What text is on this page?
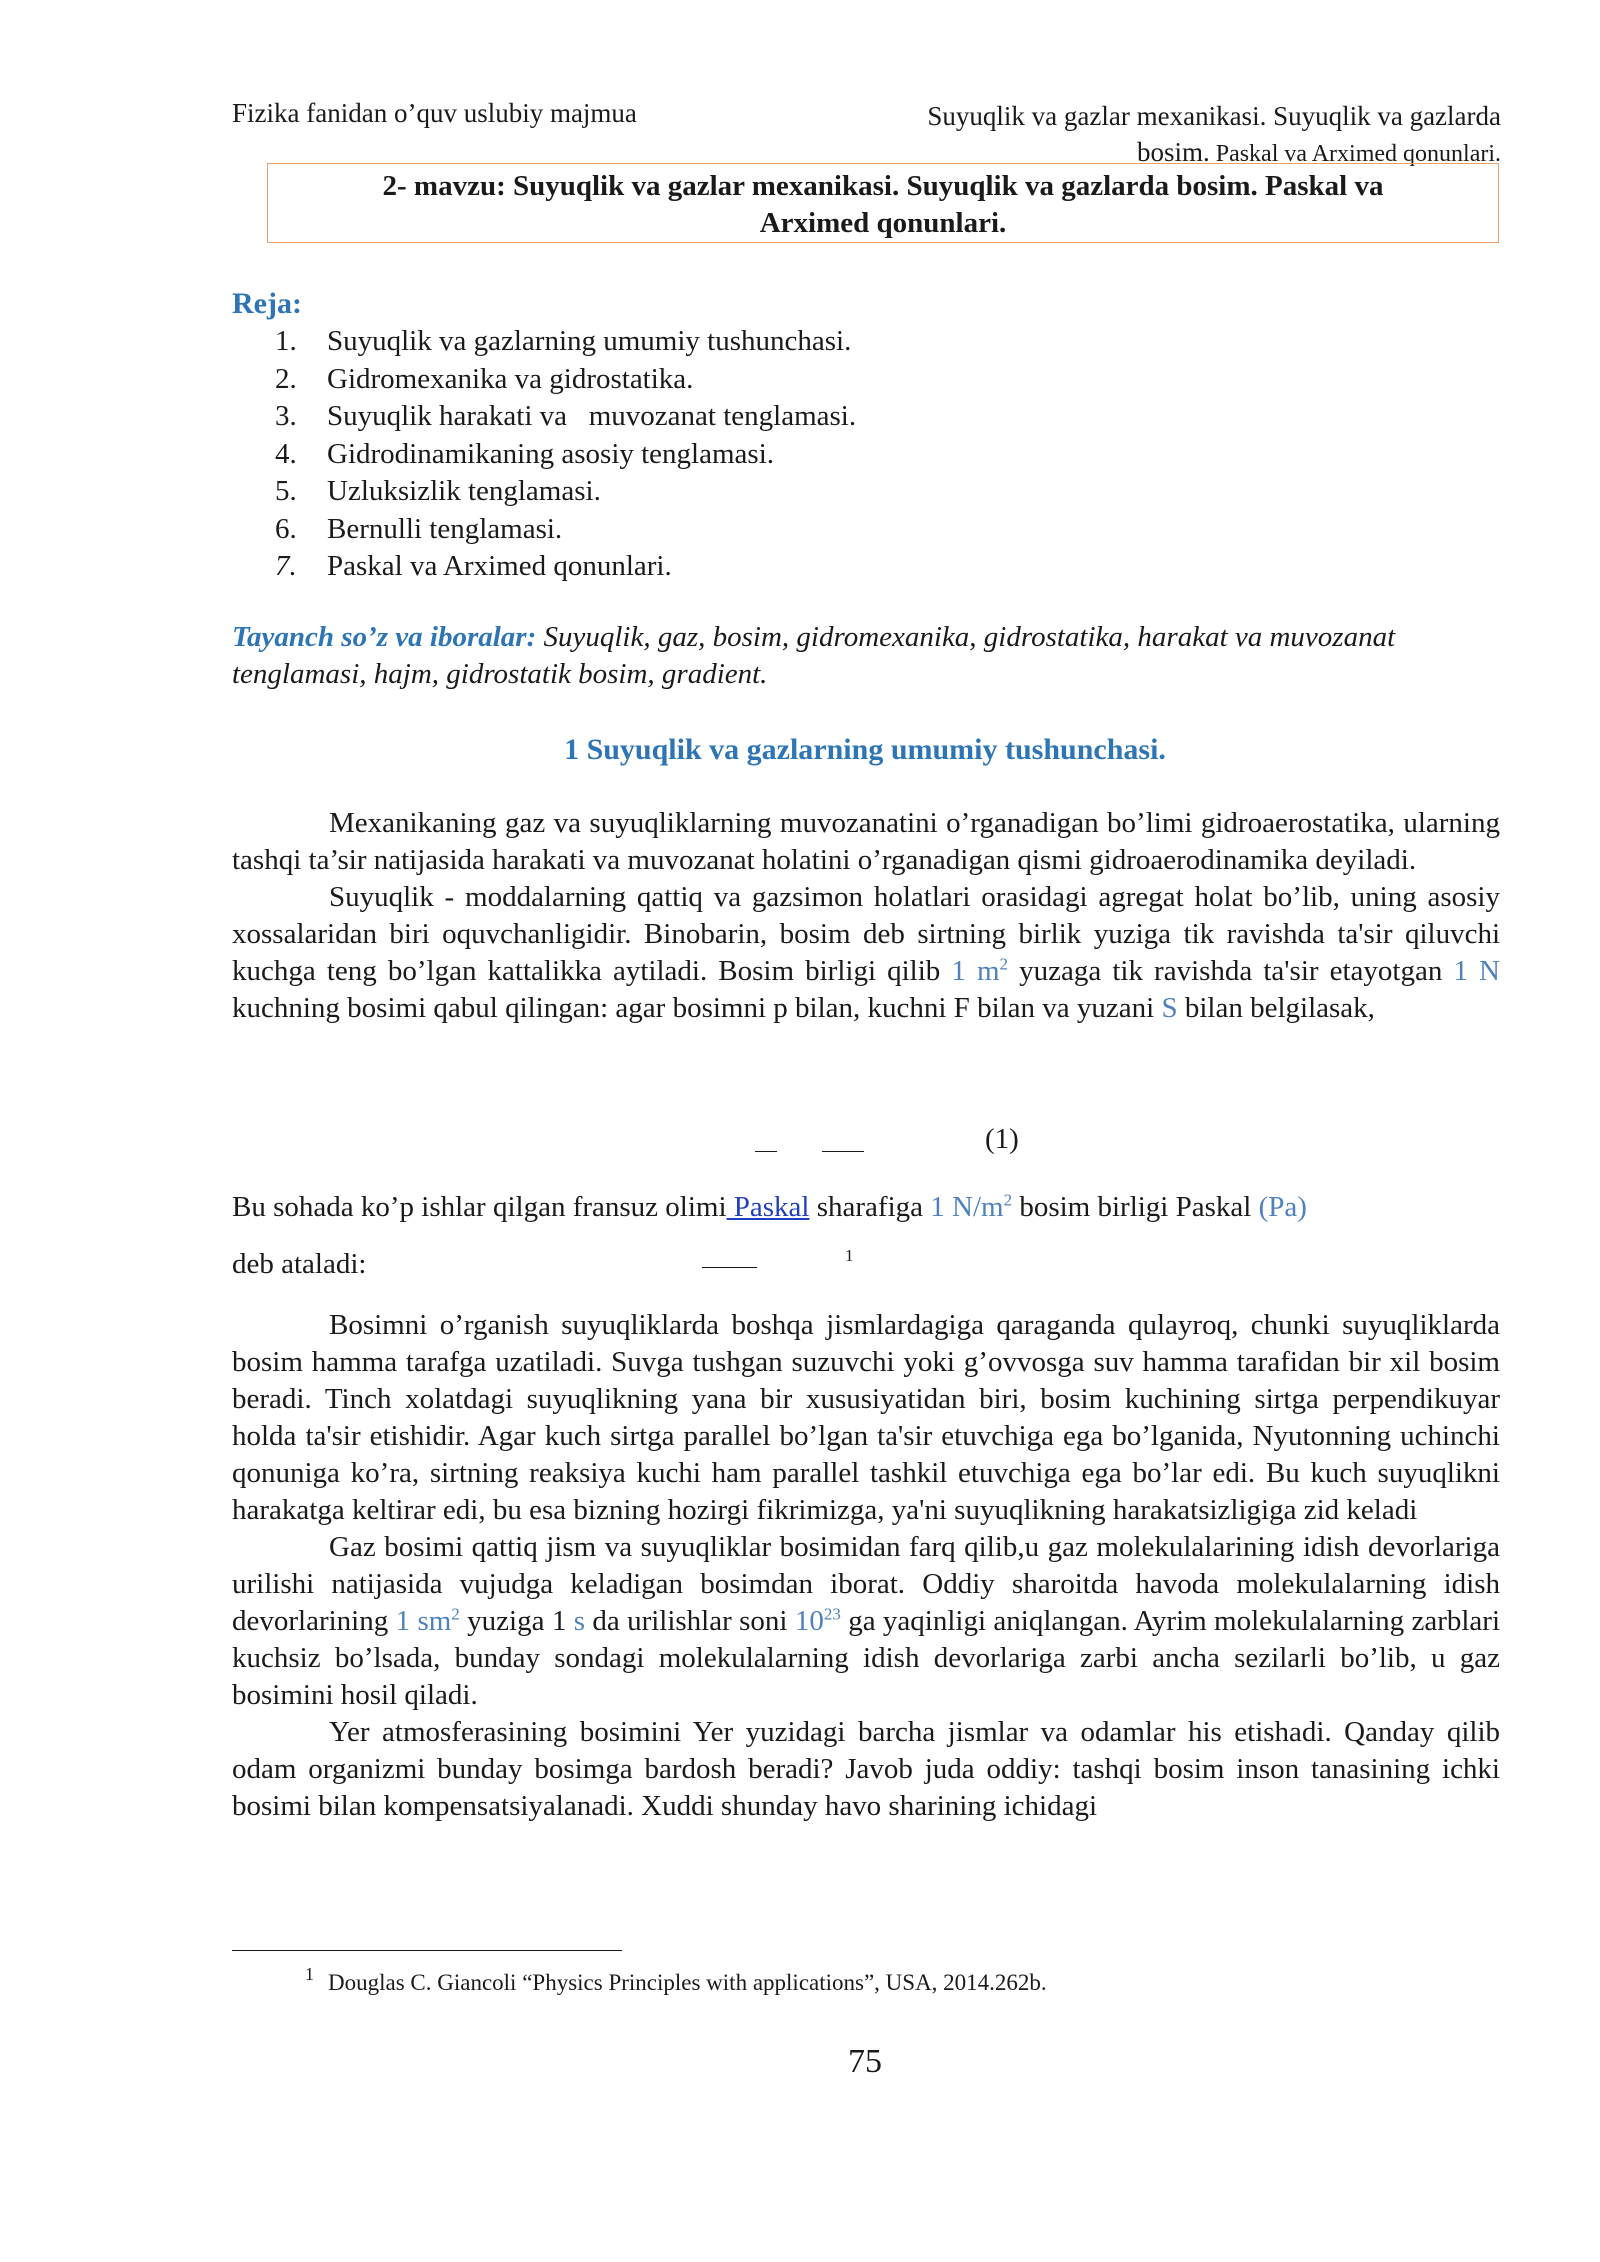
Fizika fanidan o’quv uslubiy majmua	Suyuqlik va gazlar mexanikasi. Suyuqlik va gazlarda
bosim. Paskal va Arximed qonunlari.
2- mavzu: Suyuqlik va gazlar mexanikasi. Suyuqlik va gazlarda bosim. Paskal va
Arximed qonunlari.
Reja:
1.	Suyuqlik va gazlarning umumiy tushunchasi.
2.	Gidromexanika va gidrostatika.
3.	Suyuqlik harakati va   muvozanat tenglamasi.
4.	Gidrodinamikaning asosiy tenglamasi.
5.	Uzluksizlik tenglamasi.
6.	Bernulli tenglamasi.
7.	Paskal va Arximed qonunlari.
Tayanch so’z va iboralar: Suyuqlik, gaz, bosim, gidromexanika, gidrostatika, harakat va muvozanat tenglamasi, hajm, gidrostatik bosim, gradient.
1 Suyuqlik va gazlarning umumiy tushunchasi.

Mexanikaning gaz va suyuqliklarning muvozanatini o’rganadigan bo’limi gidroaerostatika, ularning tashqi ta’sir natijasida harakati va muvozanat holatini o’rganadigan qismi gidroaerodinamika deyiladi.

Suyuqlik - moddalarning qattiq va gazsimon holatlari orasidagi agregat holat bo’lib, uning asosiy xossalaridan biri oquvchanligidir. Binobarin, bosim deb sirtning birlik yuziga tik ravishda ta'sir qiluvchi kuchga teng bo’lgan kattalikka aytiladi. Bosim birligi qilib 1 $m^2$ yuzaga tik ravishda ta'sir etayotgan 1 N kuchning bosimi qabul qilingan: agar bosimni p bilan, kuchni F bilan va yuzani S bilan belgilasak,

(1)
Bu sohada ko’p ishlar qilgan fransuz olimi Paskal sharafiga 1 $N/m^2$ bosim birligi Paskal (Pa)
deb ataladi:	1

Bosimni o’rganish suyuqliklarda boshqa jismlardagiga qaraganda qulayroq, chunki suyuqliklarda bosim hamma tarafga uzatiladi. Suvga tushgan suzuvchi yoki g’ovvosga suv hamma tarafidan bir xil bosim beradi. Tinch xolatdagi suyuqlikning yana bir xususiyatidan biri, bosim kuchining sirtga perpendikuyar holda ta'sir etishidir. Agar kuch sirtga parallel bo’lgan ta'sir etuvchiga ega bo’lganida, Nyutonning uchinchi qonuniga ko’ra, sirtning reaksiya kuchi ham parallel tashkil etuvchiga ega bo’lar edi. Bu kuch suyuqlikni harakatga keltirar edi, bu esa bizning hozirgi fikrimizga, ya'ni suyuqlikning harakatsizligiga zid keladi

Gaz bosimi qattiq jism va suyuqliklar bosimidan farq qilib,u gaz molekulalarining idish devorlariga urilishi natijasida vujudga keladigan bosimdan iborat. Oddiy sharoitda havoda molekulalarning idish devorlarining 1 $sm^2$ yuziga 1 s da urilishlar soni $10^{23}$ ga yaqinligi aniqlangan. Ayrim molekulalarning zarblari kuchsiz bo’lsada, bunday sondagi molekulalarning idish devorlariga zarbi ancha sezilarli bo’lib, u gaz bosimini hosil qiladi.

Yer atmosferasining bosimini Yer yuzidagi barcha jismlar va odamlar his etishadi. Qanday qilib odam organizmi bunday bosimga bardosh beradi? Javob juda oddiy: tashqi bosim inson tanasining ichki bosimi bilan kompensatsiyalanadi. Xuddi shunday havo sharining ichidagi

1 Douglas C. Giancoli “Physics Principles with applications”, USA, 2014.262b.
75
